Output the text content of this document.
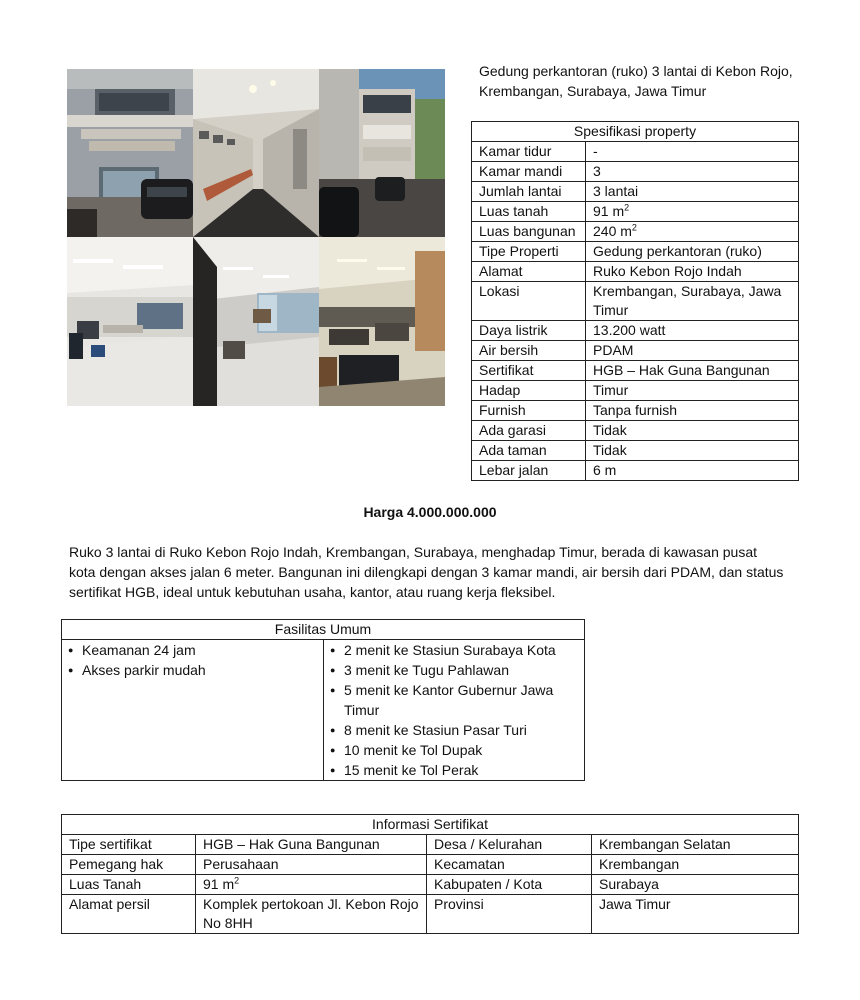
Gedung perkantoran (ruko) 3 lantai di Kebon Rojo, Krembangan, Surabaya, Jawa Timur

Spesifikasi property	
Kamar tidur	-
Kamar mandi	3
Jumlah lantai	3 lantai
Luas tanah	91 $m^2$
Luas bangunan	240 $m^2$
Tipe Properti	Gedung perkantoran (ruko)
Alamat	Ruko Kebon Rojo Indah
Lokasi	Krembangan, Surabaya, Jawa Timur
Daya listrik	13.200 watt
Air bersih	PDAM
Sertifikat	HGB – Hak Guna Bangunan
Hadap	Timur
Furnish	Tanpa furnish
Ada garasi	Tidak
Ada taman	Tidak
Lebar jalan	6 m
Harga 4.000.000.000

Ruko 3 lantai di Ruko Kebon Rojo Indah, Krembangan, Surabaya, menghadap Timur, berada di kawasan pusat kota dengan akses jalan 6 meter. Bangunan ini dilengkapi dengan 3 kamar mandi, air bersih dari PDAM, dan status sertifikat HGB, ideal untuk kebutuhan usaha, kantor, atau ruang kerja fleksibel.

Fasilitas Umum

● Keamanan 24 jam
● Akses parkir mudah

● 2 menit ke Stasiun Surabaya Kota
● 3 menit ke Tugu Pahlawan
● 5 menit ke Kantor Gubernur Jawa Timur
● 8 menit ke Stasiun Pasar Turi
● 10 menit ke Tol Dupak
● 15 menit ke Tol Perak
Informasi Sertifikat			
Tipe sertifikat	HGB – Hak Guna Bangunan	Desa / Kelurahan	Krembangan Selatan
Pemegang hak	Perusahaan	Kecamatan	Krembangan
Luas Tanah	91 $m^2$	Kabupaten / Kota	Surabaya
Alamat persil	Komplek pertokoan Jl. Kebon Rojo No 8HH	Provinsi	Jawa Timur
